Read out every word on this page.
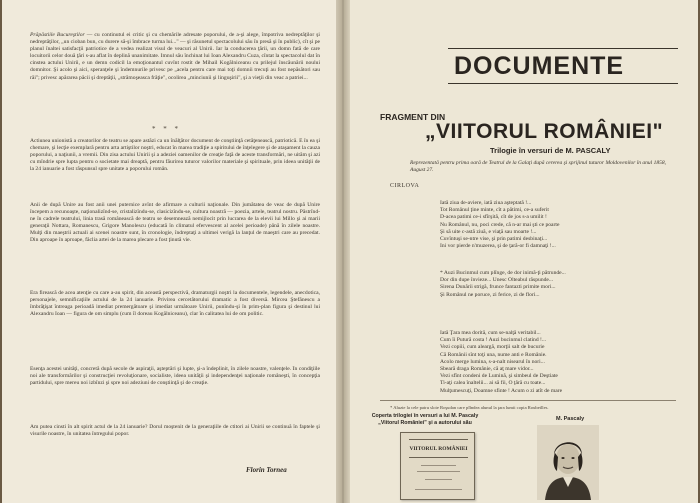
Prăpăstiile Bucureştilor — cu continutul ei critic şi cu chemările adresate poporului, de a-şi alege, împotriva nedreptăţilor şi nedreptăţilor, „un cioban bun, cu durere să-şi îmbrace turma lui..." — şi răsunetul spectacolului său în presă şi în public), cît şi pe planul înaltei satisfacţii patriotice de a vedea realizat visul de veacuri al Unirii. Iar la conducerea ţării, un domn fată de care locuitorii celor două ţări s-au aflat în deplină unanimitate. Imnul său închinat lui Ioan Alexandru Cuza, cîntat la spectacolul dat în cinstea actului Unirii, e un demn codicil la emoţionantul cuvînt rostit de Mihail Kogălniceanu cu prilejul înscăunării noului domnitor. Şi acolo şi aici, speranţele şi îndemnurile privesc pe „acela pentru care mai toţi domnii trecuţi au fost nepăsători sau răi"; privesc apărarea păcii şi dreptăţii, „strămoşeasca frăţie", ocolirea „minciunii şi linguşirii", şi a vieţii din veac a patriei...
* * *
Actiunea unionistă a creatorilor de teatru se apare astăzi ca un înălţător document de conştiinţă cetăţenească, patriotică. E în ea şi chemare, şi lecţie exemplară pentru arta artiştilor noştri, educat în marea tradiţie a spiritului de înţelegere şi de ataşament la cauza poporului, a naţiunii, a vremii. Din zisa actului Unirii şi a adeziei oamenilor de creaţie faţă de aceste transformări, ne uităm şi azi cu mîndrie spre lupta pentru o societate mai dreaptă, pentru făurirea tuturor valorilor materiale şi spirituale, prin ideea unităţii de la 24 ianuarie a fost răspunsul spre unitate a poporului român.
Anii de după Unire au fost anii unei puternice avînt de afirmare a culturii naţionale. Din jumătatea de veac de după Unire începem a recunoaşte, naţionalizînd-se, cristalizîndu-se, clasicizîndu-se, cultura noastră — poezia, artele, teatrul nostru. Păstrînd-ne în cadrele teatrului, linia trasă românească de teatru se desemnează nemijlocit prin lucrarea de la elevii lui Millo şi ai marii generaţii Nottara, Romanescu, Grigore Manolescu (educată în climatul efervescent al acelei perioade) până în zilele noastre. Mulţi din maeştrii actuali ai scenei noastre sunt, în cronologie, îndreptaţi a ultimei verigă la lanţul de maeştri care au precedat. Din aproape în aproape, făclia artei de la marea plecare a fost ţinută vie.
Era firească de acea atenţie cu care a-au spirit, din această perspectivă, dramaturgii noştri la documentele, legendele, anecdotica, personajele, semnificaţiile actului de la 24 ianuarie. Privirea cercetătorului dramatic a fost diversă. Mircea Ştefănescu a îmbrăţişat întreaga perioadă imediat premergătoare şi imediat următoare Unirii, punîndu-şi în prim-plan figura şi destinul lui Alexandru Ioan — figura de om simplu (cum îl doreau Kogălniceanu), clar în calitatea lui de om politic.
Esenţa acestei unităţi, concretă după secole de aspiraţii, aşteptări şi lupte, şi-a îndeplinit, în zilele noastre, valenţele. În condiţiile noi ale transformărilor şi construcţiei revoluţionare, socialiste, ideea unităţii şi independenţei naţionale româneşti, în concepţia partidului, spre mereu noi izbînzi şi spre noi adeziuni de conştiinţă şi de creaţie.
Am putea cinsti în alt spirit actul de la 24 ianuarie? Dorul moştenit de la generaţiile de ctitori ai Unirii se continuă în faptele şi visurile noastre, în unitatea întregului popor.
Florin Tornea
DOCUMENTE
FRAGMENT DIN
„VIITORUL ROMÂNIEI"
Trilogie în versuri de M. PASCALY
Reprezentată pentru prima oară de Teatrul de la Galaţi după cererea şi sprijinul tuturor Moldovenilor în anul 1858, August 27.
CIRLOVA
Iată ziua de-aviere, iată ziua aşteptată !...
Tot Românul ţine minte, cît a pătimi, ce-a suferit
D-acea patimi ce-i sfîrşită, cît de jos s-a umilit !
Nu Românul, nu, poci crede, că n-ar mai şti ce poarte
Şi să uite c-astă ziuă, e viaţă sau moarte !...
Cuvîntuşi se-ntre vise, şi prin patimi desbinaţi...
Ini vor pierde n'muzerea, şi de ţară-or fi damnaţi !...
* Auzi Bucinmul cum plînge, de dor inimă-ţi pătrunde...
Dor din dupe învieze... Unesc Olteabul răspunde...
Sirena Dunării strigă, frunce fantazti primite mori...
Şi Românul ne poruce, zi ferice, zi de flori...
Iată Ţara mea dorită, cum se-nalţă veritabil...
Cum îi Putură costa ! Auzi bucinmul clatind !...
Vezi copiii, cum aleargă, morţii salt de bucurie
Că Românii sînt toţi una, nume anti e Românie.
Acolo merge lumina, s-a-nalt nisearul în nori...
Sbeară draga Românie, că aţ mare vidor...
Vezi sfînt condeni de Lumină, şi simbeul de Deştiate
Ti-aţi calea înaltelii... ai să fii, O ţără cu toate...
Mulţumescuţi, Doamne sfinte ! Acum o zi atît de mare
* Aluzie la cele patru sloie Roşudan care plîndea alunul la ţara lumii copia Roubeilles.
Coperta trilogiei în versuri a lui M. Pascaly „Viitorul României" şi a autorului său
M. Pascaly
VIITORUL ROMÂNIEI
